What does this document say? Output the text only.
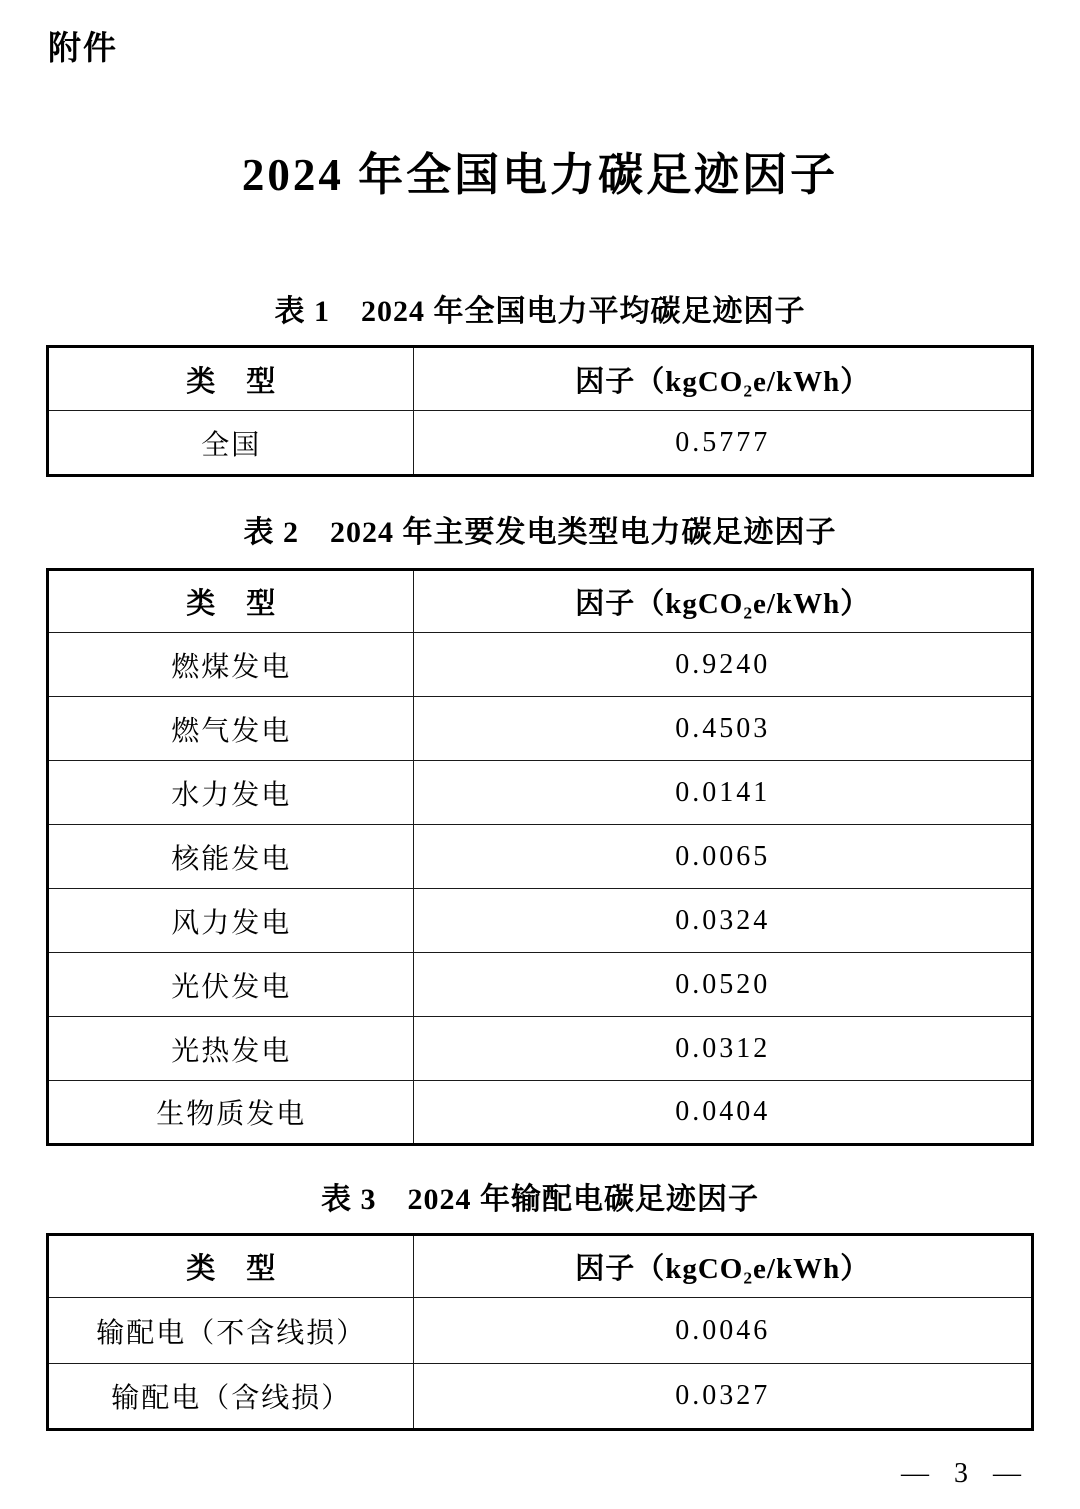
附件
2024 年全国电力碳足迹因子
表 1　2024 年全国电力平均碳足迹因子
类　型	因子（kgCO₂e/kWh）
全国	0.5777
表 2　2024 年主要发电类型电力碳足迹因子
类　型	因子（kgCO₂e/kWh）
燃煤发电	0.9240
燃气发电	0.4503
水力发电	0.0141
核能发电	0.0065
风力发电	0.0324
光伏发电	0.0520
光热发电	0.0312
生物质发电	0.0404
表 3　2024 年输配电碳足迹因子
类　型	因子（kgCO₂e/kWh）
输配电（不含线损）	0.0046
输配电（含线损）	0.0327
— 3 —
